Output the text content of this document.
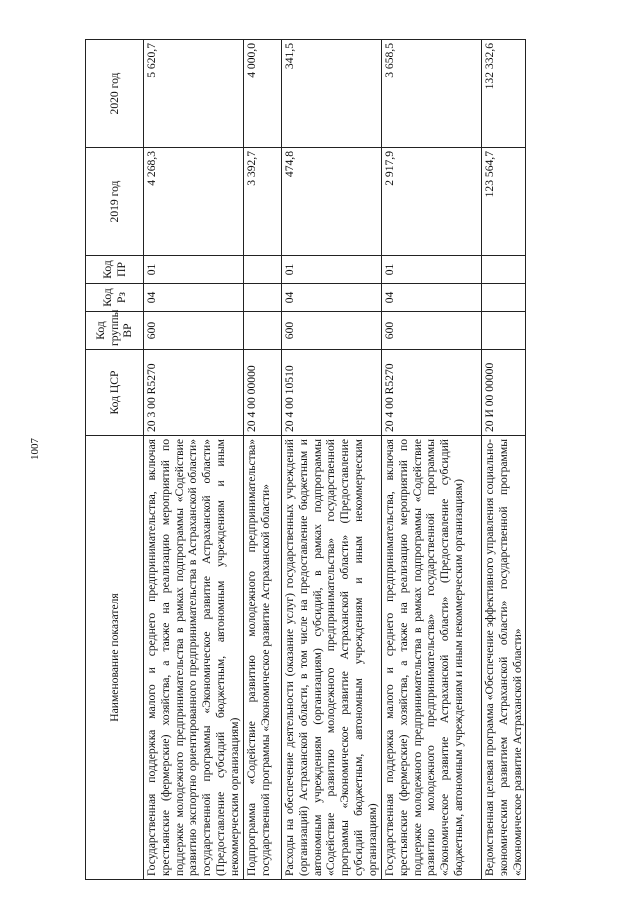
1007
Наименование показателя	Код ЦСР	Код группы ВР	Код Рз	Код ПР	2019 год	2020 год
Государственная поддержка малого и среднего предпринимательства, включая крестьянские (фермерские) хозяйства, а также на реализацию мероприятий по поддержке молодежного предпринимательства в рамках подпрограммы «Содействие развитию экспортно ориентированного предпринимательства в Астраханской области» государственной программы «Экономическое развитие Астраханской области» (Предоставление субсидий бюджетным, автономным учреждениям и иным некоммерческим организациям)	20 3 00 R5270	600	04	01	4 268,3	5 620,7
Подпрограмма «Содействие развитию молодежного предпринимательства» государственной программы «Экономическое развитие Астраханской области»	20 4 00 00000				3 392,7	4 000,0
Расходы на обеспечение деятельности (оказание услуг) государственных учреждений (организаций) Астраханской области, в том числе на предоставление бюджетным и автономным учреждениям (организациям) субсидий, в рамках подпрограммы «Содействие развитию молодежного предпринимательства» государственной программы «Экономическое развитие Астраханской области» (Предоставление субсидий бюджетным, автономным учреждениям и иным некоммерческим организациям)	20 4 00 10510	600	04	01	474,8	341,5
Государственная поддержка малого и среднего предпринимательства, включая крестьянские (фермерские) хозяйства, а также на реализацию мероприятий по поддержке молодежного предпринимательства в рамках подпрограммы «Содействие развитию молодежного предпринимательства» государственной программы «Экономическое развитие Астраханской области» (Предоставление субсидий бюджетным, автономным учреждениям и иным некоммерческим организациям)	20 4 00 R5270	600	04	01	2 917,9	3 658,5
Ведомственная целевая программа «Обеспечение эффективного управления социально-экономическим развитием Астраханской области» государственной программы «Экономическое развитие Астраханской области»	20 И 00 00000				123 564,7	132 332,6
